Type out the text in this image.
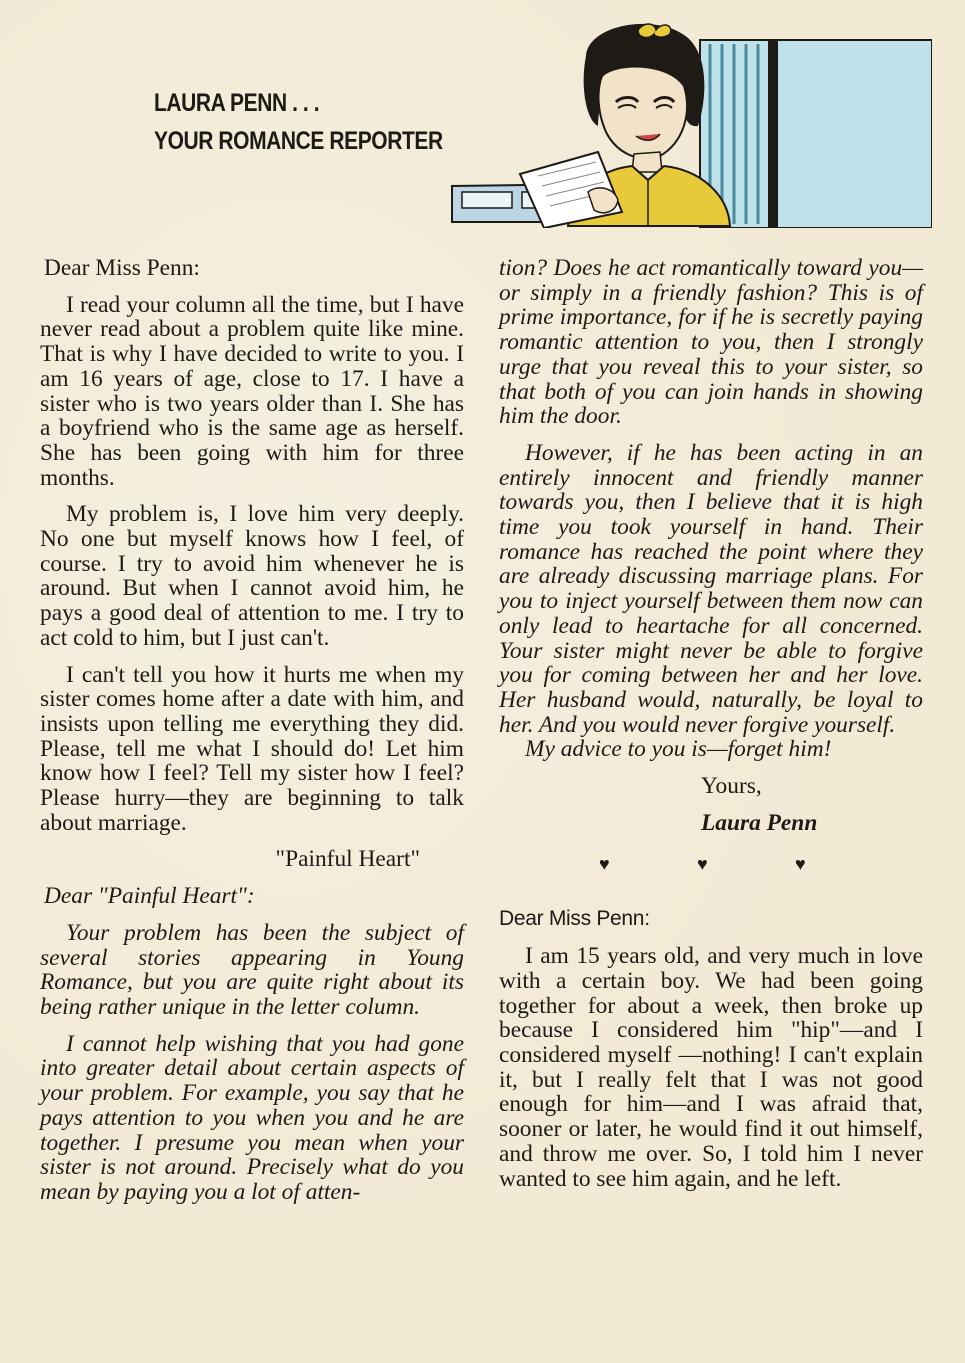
LAURA PENN . . .
YOUR ROMANCE REPORTER

Dear Miss Penn:

I read your column all the time, but I have never read about a problem quite like mine. That is why I have decided to write to you. I am 16 years of age, close to 17. I have a sister who is two years older than I. She has a boyfriend who is the same age as herself. She has been going with him for three months.

My problem is, I love him very deeply. No one but myself knows how I feel, of course. I try to avoid him whenever he is around. But when I cannot avoid him, he pays a good deal of attention to me. I try to act cold to him, but I just can't.

I can't tell you how it hurts me when my sister comes home after a date with him, and insists upon telling me everything they did. Please, tell me what I should do! Let him know how I feel? Tell my sister how I feel? Please hurry—they are beginning to talk about marriage.

"Painful Heart"

Dear "Painful Heart":

Your problem has been the subject of several stories appearing in Young Romance, but you are quite right about its being rather unique in the letter column.

I cannot help wishing that you had gone into greater detail about certain aspects of your problem. For example, you say that he pays attention to you when you and he are together. I presume you mean when your sister is not around. Precisely what do you mean by paying you a lot of atten-

tion? Does he act romantically toward you—or simply in a friendly fashion? This is of prime importance, for if he is secretly paying romantic attention to you, then I strongly urge that you reveal this to your sister, so that both of you can join hands in showing him the door.

However, if he has been acting in an entirely innocent and friendly manner towards you, then I believe that it is high time you took yourself in hand. Their romance has reached the point where they are already discussing marriage plans. For you to inject yourself between them now can only lead to heartache for all concerned. Your sister might never be able to forgive you for coming between her and her love. Her husband would, naturally, be loyal to her. And you would never forgive yourself.

My advice to you is—forget him!

Yours,

Laura Penn

♥	♥	♥

Dear Miss Penn:

I am 15 years old, and very much in love with a certain boy. We had been going together for about a week, then broke up because I considered him "hip"—and I considered myself —nothing! I can't explain it, but I really felt that I was not good enough for him—and I was afraid that, sooner or later, he would find it out himself, and throw me over. So, I told him I never wanted to see him again, and he left.
